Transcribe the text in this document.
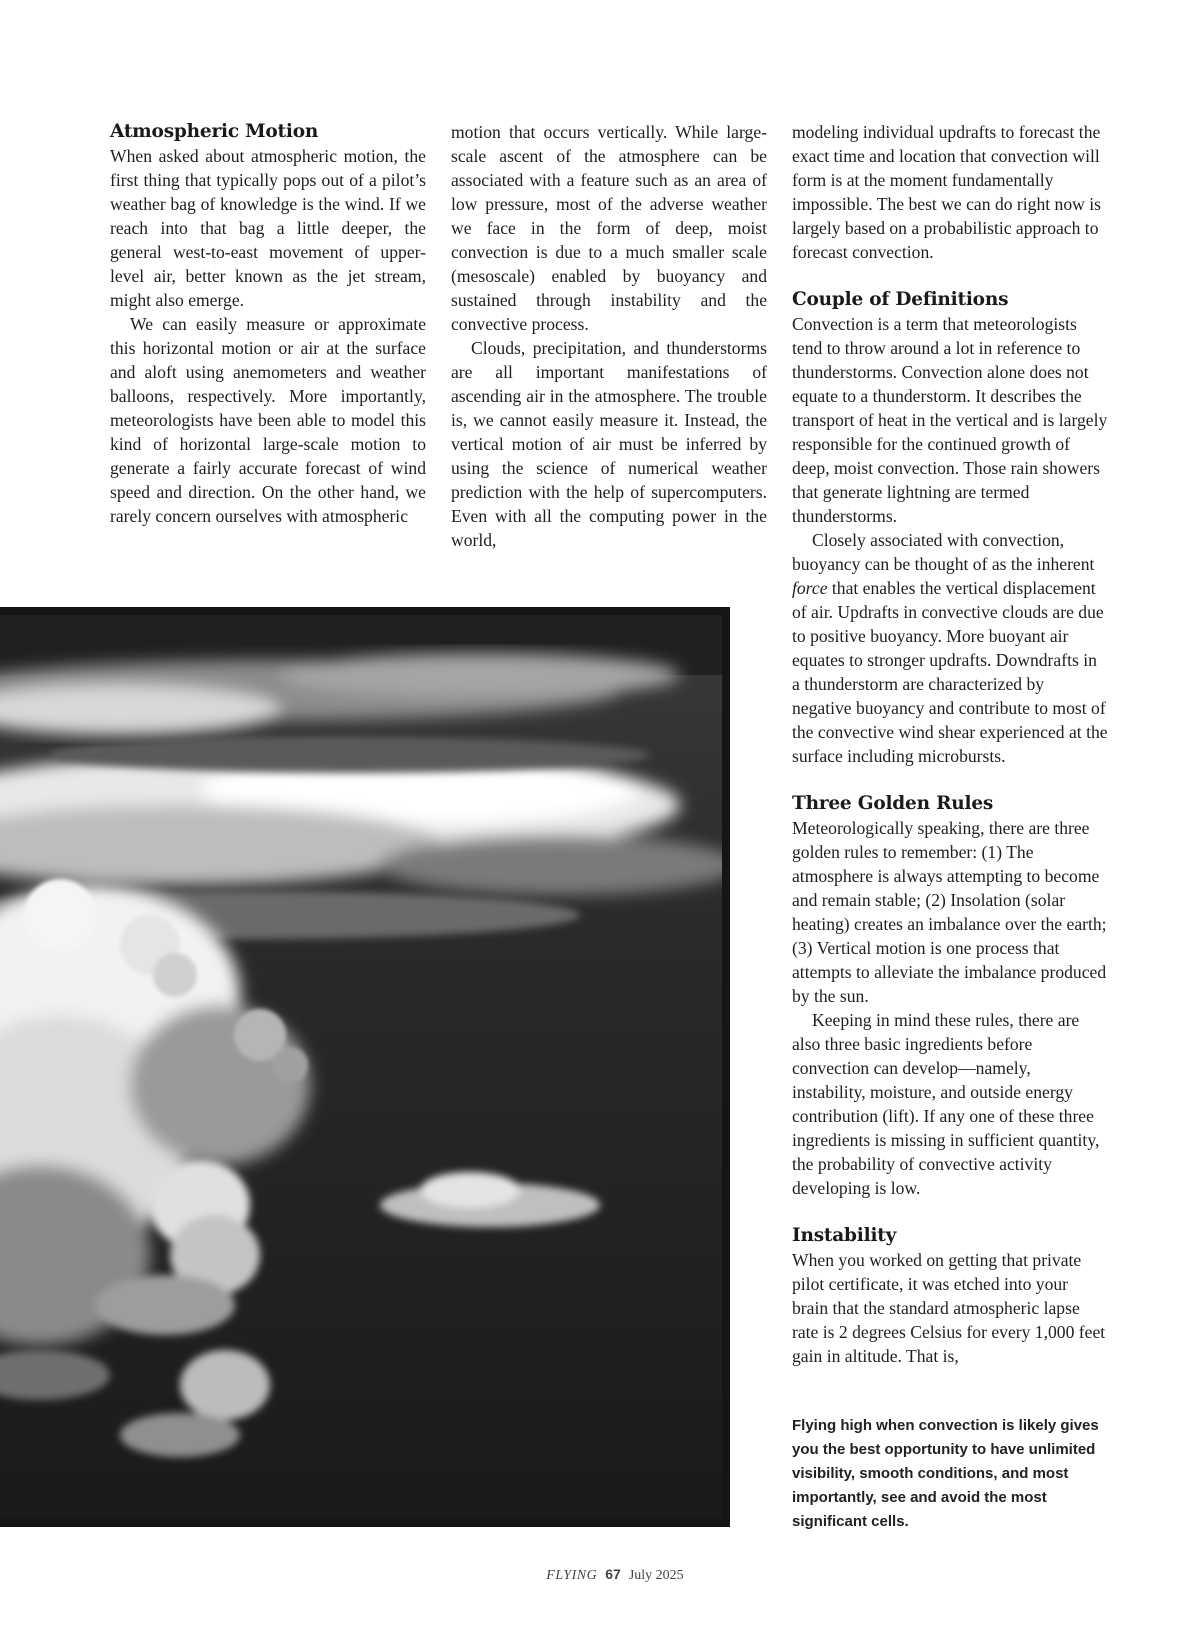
Atmospheric Motion

When asked about atmospheric motion, the first thing that typically pops out of a pilot’s weather bag of knowledge is the wind. If we reach into that bag a little deeper, the general west-to-east movement of upper-level air, better known as the jet stream, might also emerge.

We can easily measure or approximate this horizontal motion or air at the surface and aloft using anemometers and weather balloons, respectively. More importantly, meteorologists have been able to model this kind of horizontal large-scale motion to generate a fairly accurate forecast of wind speed and direction. On the other hand, we rarely concern ourselves with atmospheric

motion that occurs vertically. While large-scale ascent of the atmosphere can be associated with a feature such as an area of low pressure, most of the adverse weather we face in the form of deep, moist convection is due to a much smaller scale (mesoscale) enabled by buoyancy and sustained through instability and the convective process.

Clouds, precipitation, and thunderstorms are all important manifestations of ascending air in the atmosphere. The trouble is, we cannot easily measure it. Instead, the vertical motion of air must be inferred by using the science of numerical weather prediction with the help of supercomputers. Even with all the computing power in the world,

modeling individual updrafts to forecast the exact time and location that convection will form is at the moment fundamentally impossible. The best we can do right now is largely based on a probabilistic approach to forecast convection.

Couple of Definitions

Convection is a term that meteorologists tend to throw around a lot in reference to thunderstorms. Convection alone does not equate to a thunderstorm. It describes the transport of heat in the vertical and is largely responsible for the continued growth of deep, moist convection. Those rain showers that generate lightning are termed thunderstorms.

Closely associated with convection, buoyancy can be thought of as the inherent force that enables the vertical displacement of air. Updrafts in convective clouds are due to positive buoyancy. More buoyant air equates to stronger updrafts. Downdrafts in a thunderstorm are characterized by negative buoyancy and contribute to most of the convective wind shear experienced at the surface including microbursts.

Three Golden Rules

Meteorologically speaking, there are three golden rules to remember: (1) The atmosphere is always attempting to become and remain stable; (2) Insolation (solar heating) creates an imbalance over the earth; (3) Vertical motion is one process that attempts to alleviate the imbalance produced by the sun.

Keeping in mind these rules, there are also three basic ingredients before convection can develop—namely, instability, moisture, and outside energy contribution (lift). If any one of these three ingredients is missing in sufficient quantity, the probability of convective activity developing is low.

Instability

When you worked on getting that private pilot certificate, it was etched into your brain that the standard atmospheric lapse rate is 2 degrees Celsius for every 1,000 feet gain in altitude. That is,

Flying high when convection is likely gives you the best opportunity to have unlimited visibility, smooth conditions, and most importantly, see and avoid the most significant cells.
FLYING 67 July 2025
